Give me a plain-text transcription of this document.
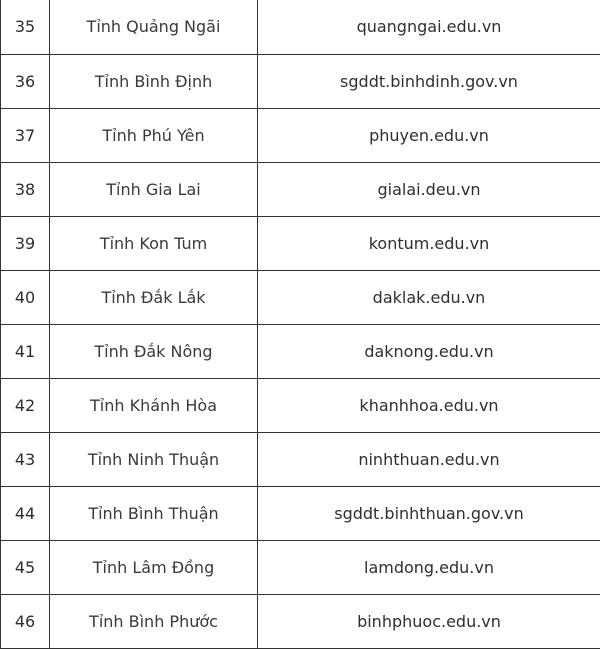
35	Tỉnh Quảng Ngãi	quangngai.edu.vn
36	Tỉnh Bình Định	sgddt.binhdinh.gov.vn
37	Tỉnh Phú Yên	phuyen.edu.vn
38	Tỉnh Gia Lai	gialai.deu.vn
39	Tỉnh Kon Tum	kontum.edu.vn
40	Tỉnh Đắk Lắk	daklak.edu.vn
41	Tỉnh Đắk Nông	daknong.edu.vn
42	Tỉnh Khánh Hòa	khanhhoa.edu.vn
43	Tỉnh Ninh Thuận	ninhthuan.edu.vn
44	Tỉnh Bình Thuận	sgddt.binhthuan.gov.vn
45	Tỉnh Lâm Đồng	lamdong.edu.vn
46	Tỉnh Bình Phước	binhphuoc.edu.vn
